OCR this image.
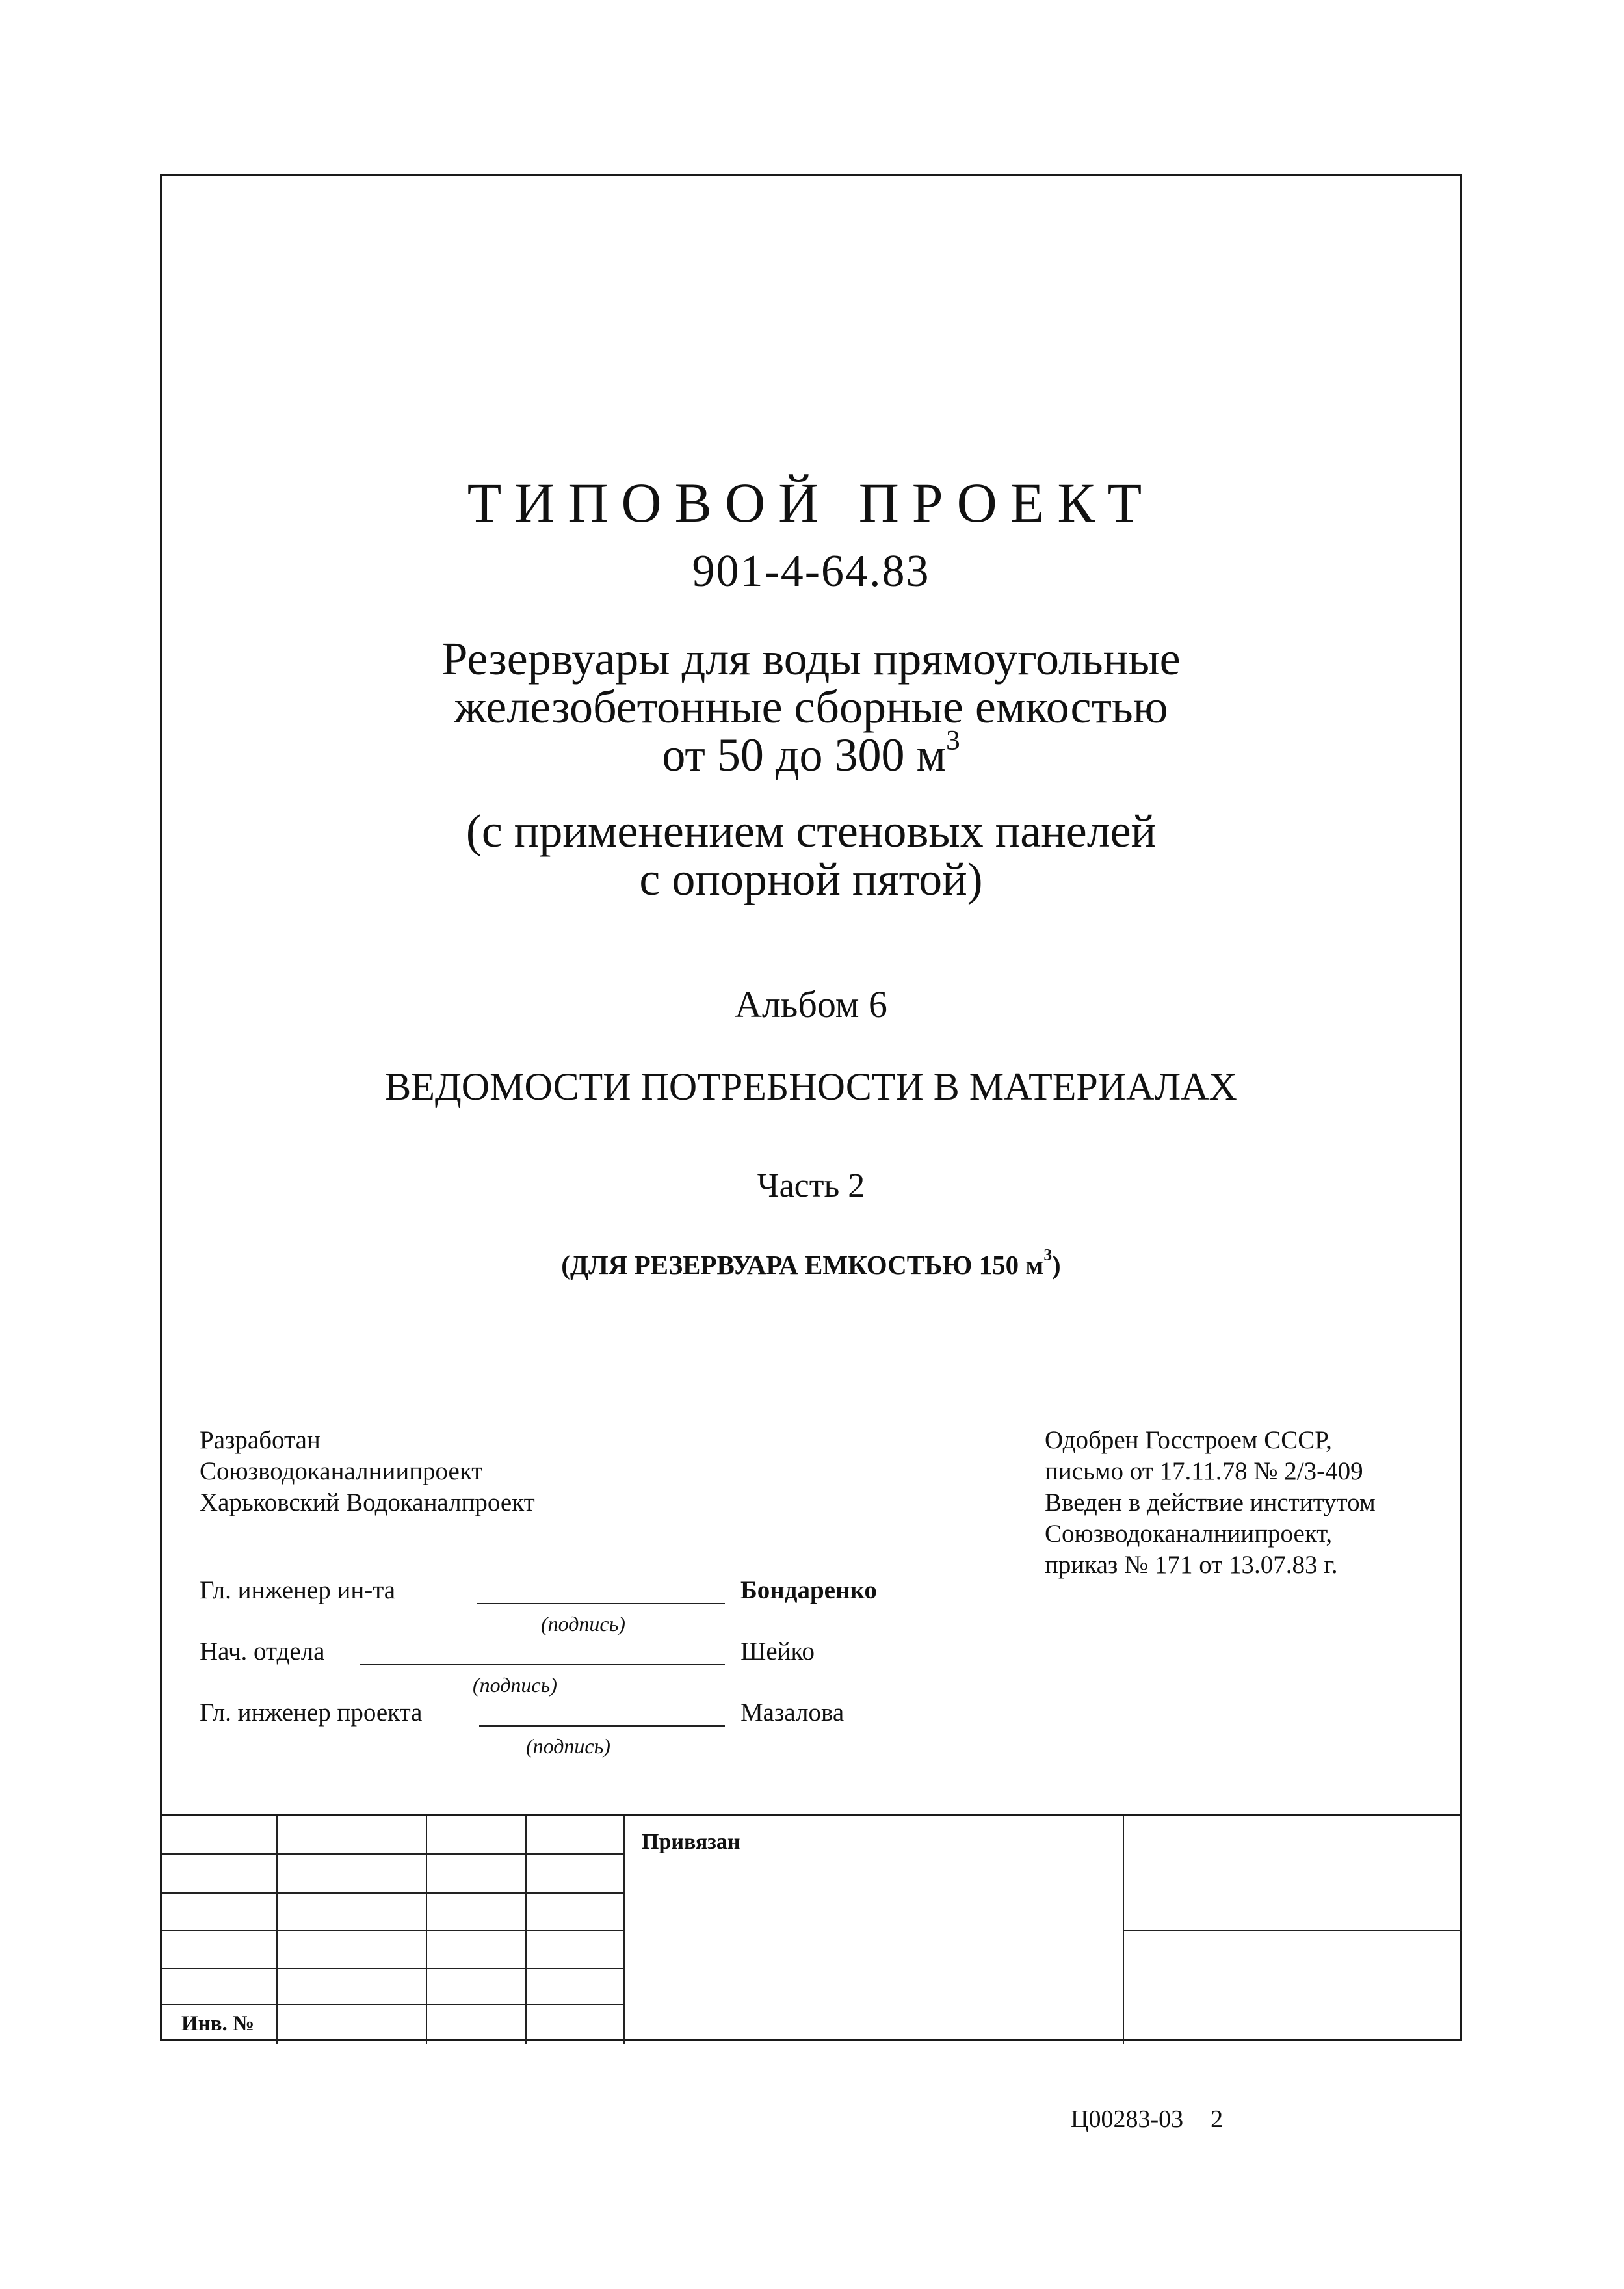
ТИПОВОЙ ПРОЕКТ
901-4-64.83
Резервуары для воды прямоугольные
железобетонные сборные емкостью
от 50 до 300 $м^3$
(с применением стеновых панелей
с опорной пятой)
Альбом 6
ВЕДОМОСТИ ПОТРЕБНОСТИ В МАТЕРИАЛАХ
Часть 2
(ДЛЯ РЕЗЕРВУАРА ЕМКОСТЬЮ 150 $м^3$)
Разработан
Союзводоканалниипроект
Харьковский Водоканалпроект
Одобрен Госстроем СССР,
письмо от 17.11.78 № 2/3-409
Введен в действие институтом
Союзводоканалниипроект,
приказ № 171 от 13.07.83 г.
Гл. инженер ин-та	Бондаренко
(подпись)
Нач. отдела	Шейко
(подпись)
Гл. инженер проекта	Мазалова
(подпись)
Инв. №
Привязан
Ц00283-03 2
